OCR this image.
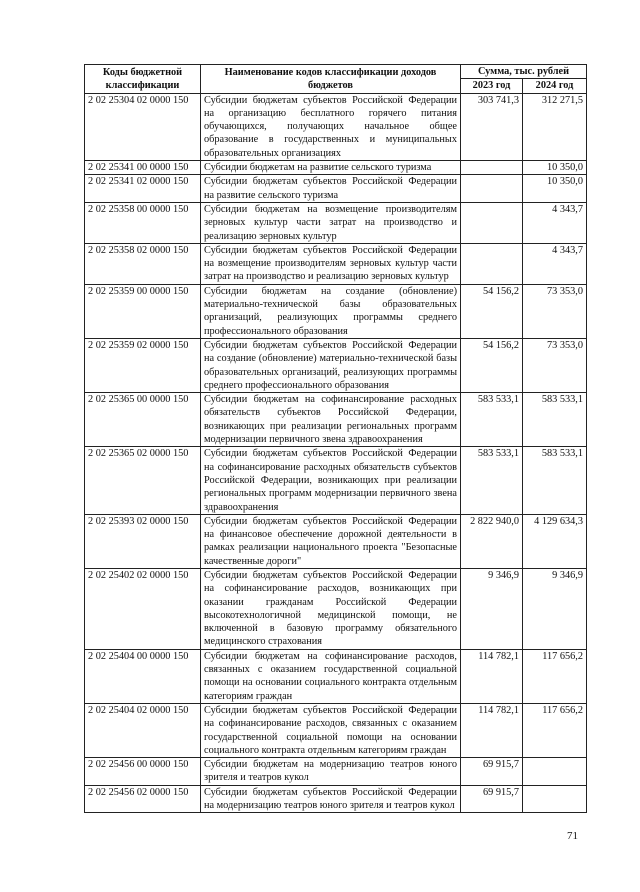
Коды бюджетной классификации	Наименование кодов классификации доходов бюджетов	Сумма, тыс. рублей	
		2023 год	2024 год
2 02 25304 02 0000 150	Субсидии бюджетам субъектов Российской Федерации на организацию бесплатного горячего питания обучающихся, получающих начальное общее образование в государственных и муниципальных образовательных организациях	303 741,3	312 271,5
2 02 25341 00 0000 150	Субсидии бюджетам на развитие сельского туризма		10 350,0
2 02 25341 02 0000 150	Субсидии бюджетам субъектов Российской Федерации на развитие сельского туризма		10 350,0
2 02 25358 00 0000 150	Субсидии бюджетам на возмещение производителям зерновых культур части затрат на производство и реализацию зерновых культур		4 343,7
2 02 25358 02 0000 150	Субсидии бюджетам субъектов Российской Федерации на возмещение производителям зерновых культур части затрат на производство и реализацию зерновых культур		4 343,7
2 02 25359 00 0000 150	Субсидии бюджетам на создание (обновление) материально-технической базы образовательных организаций, реализующих программы среднего профессионального образования	54 156,2	73 353,0
2 02 25359 02 0000 150	Субсидии бюджетам субъектов Российской Федерации на создание (обновление) материально-технической базы образовательных организаций, реализующих программы среднего профессионального образования	54 156,2	73 353,0
2 02 25365 00 0000 150	Субсидии бюджетам на софинансирование расходных обязательств субъектов Российской Федерации, возникающих при реализации региональных программ модернизации первичного звена здравоохранения	583 533,1	583 533,1
2 02 25365 02 0000 150	Субсидии бюджетам субъектов Российской Федерации на софинансирование расходных обязательств субъектов Российской Федерации, возникающих при реализации региональных программ модернизации первичного звена здравоохранения	583 533,1	583 533,1
2 02 25393 02 0000 150	Субсидии бюджетам субъектов Российской Федерации на финансовое обеспечение дорожной деятельности в рамках реализации национального проекта "Безопасные качественные дороги"	2 822 940,0	4 129 634,3
2 02 25402 02 0000 150	Субсидии бюджетам субъектов Российской Федерации на софинансирование расходов, возникающих при оказании гражданам Российской Федерации высокотехнологичной медицинской помощи, не включенной в базовую программу обязательного медицинского страхования	9 346,9	9 346,9
2 02 25404 00 0000 150	Субсидии бюджетам на софинансирование расходов, связанных с оказанием государственной социальной помощи на основании социального контракта отдельным категориям граждан	114 782,1	117 656,2
2 02 25404 02 0000 150	Субсидии бюджетам субъектов Российской Федерации на софинансирование расходов, связанных с оказанием государственной социальной помощи на основании социального контракта отдельным категориям граждан	114 782,1	117 656,2
2 02 25456 00 0000 150	Субсидии бюджетам на модернизацию театров юного зрителя и театров кукол	69 915,7	
2 02 25456 02 0000 150	Субсидии бюджетам субъектов Российской Федерации на модернизацию театров юного зрителя и театров кукол	69 915,7	
71
